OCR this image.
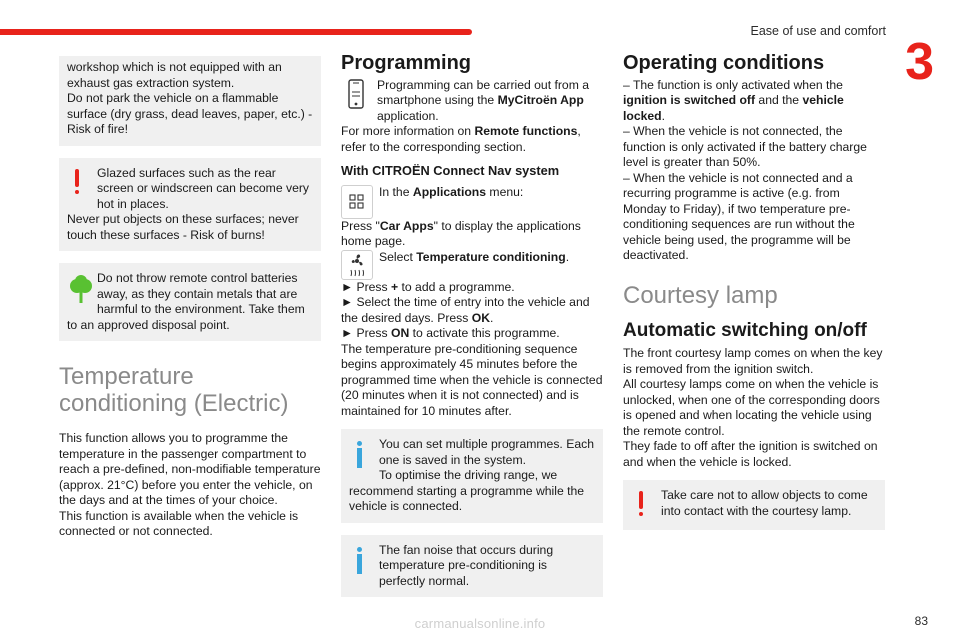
Ease of use and comfort
3

workshop which is not equipped with an exhaust gas extraction system.

Do not park the vehicle on a flammable surface (dry grass, dead leaves, paper, etc.) - Risk of fire!

Glazed surfaces such as the rear screen or windscreen can become very hot in places.

Never put objects on these surfaces; never touch these surfaces - Risk of burns!

Do not throw remote control batteries away, as they contain metals that are harmful to the environment. Take them to an approved disposal point.

Temperature conditioning (Electric)

This function allows you to programme the temperature in the passenger compartment to reach a pre-defined, non-modifiable temperature (approx. 21°C) before you enter the vehicle, on the days and at the times of your choice.

This function is available when the vehicle is connected or not connected.

Programming

Programming can be carried out from a smartphone using the MyCitroën App application.

For more information on Remote functions, refer to the corresponding section.

With CITROËN Connect Nav system

In the Applications menu:

Press "Car Apps" to display the applications home page.

Select Temperature conditioning.

► Press + to add a programme.

► Select the time of entry into the vehicle and the desired days. Press OK.

► Press ON to activate this programme.

The temperature pre-conditioning sequence begins approximately 45 minutes before the programmed time when the vehicle is connected (20 minutes when it is not connected) and is maintained for 10 minutes after.

You can set multiple programmes. Each one is saved in the system.

To optimise the driving range, we recommend starting a programme while the vehicle is connected.

The fan noise that occurs during temperature pre-conditioning is perfectly normal.

Operating conditions

– The function is only activated when the ignition is switched off and the vehicle locked.

– When the vehicle is not connected, the function is only activated if the battery charge level is greater than 50%.

– When the vehicle is not connected and a recurring programme is active (e.g. from Monday to Friday), if two temperature pre-conditioning sequences are run without the vehicle being used, the programme will be deactivated.

Courtesy lamp
Automatic switching on/off

The front courtesy lamp comes on when the key is removed from the ignition switch.

All courtesy lamps come on when the vehicle is unlocked, when one of the corresponding doors is opened and when locating the vehicle using the remote control.

They fade to off after the ignition is switched on and when the vehicle is locked.

Take care not to allow objects to come into contact with the courtesy lamp.

83
carmanualsonline.info
